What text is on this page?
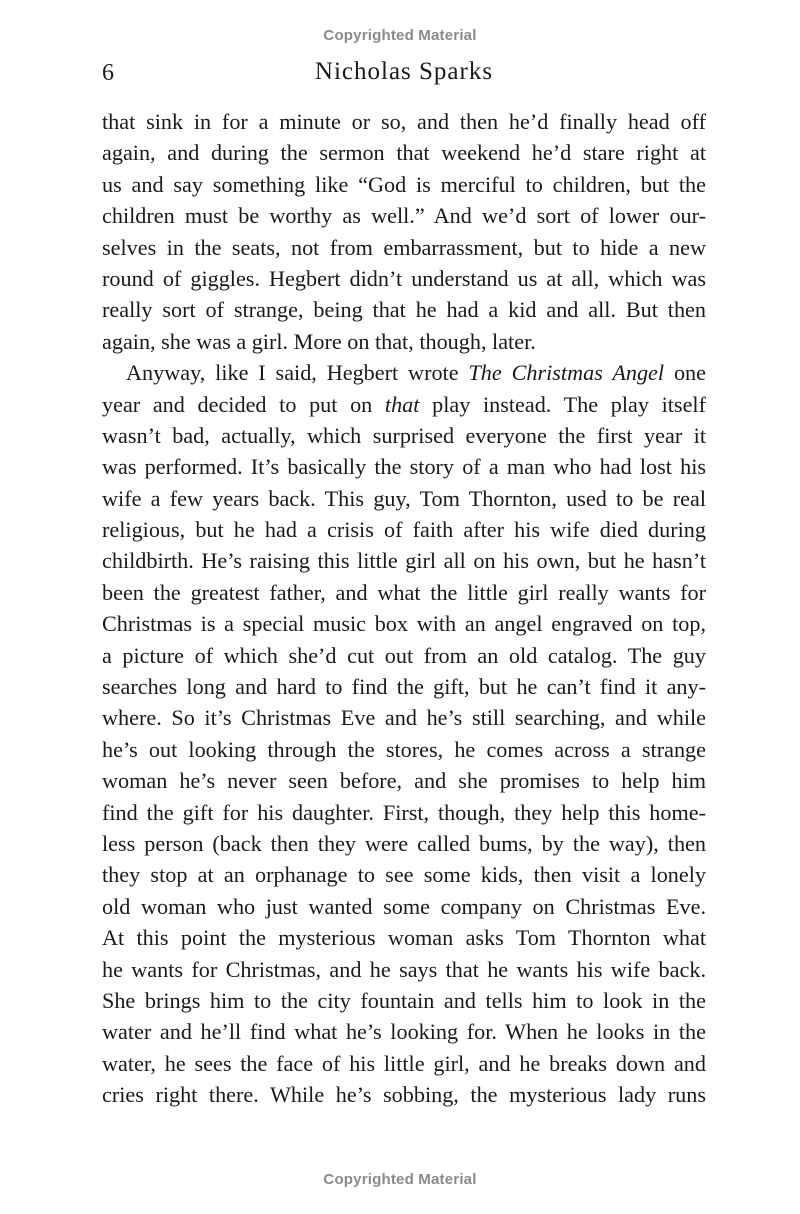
Copyrighted Material
6	Nicholas Sparks
that sink in for a minute or so, and then he’d finally head off
again, and during the sermon that weekend he’d stare right at
us and say something like “God is merciful to children, but the
children must be worthy as well.” And we’d sort of lower our-
selves in the seats, not from embarrassment, but to hide a new
round of giggles. Hegbert didn’t understand us at all, which was
really sort of strange, being that he had a kid and all. But then
again, she was a girl. More on that, though, later.
Anyway, like I said, Hegbert wrote The Christmas Angel one
year and decided to put on that play instead. The play itself
wasn’t bad, actually, which surprised everyone the first year it
was performed. It’s basically the story of a man who had lost his
wife a few years back. This guy, Tom Thornton, used to be real
religious, but he had a crisis of faith after his wife died during
childbirth. He’s raising this little girl all on his own, but he hasn’t
been the greatest father, and what the little girl really wants for
Christmas is a special music box with an angel engraved on top,
a picture of which she’d cut out from an old catalog. The guy
searches long and hard to find the gift, but he can’t find it any-
where. So it’s Christmas Eve and he’s still searching, and while
he’s out looking through the stores, he comes across a strange
woman he’s never seen before, and she promises to help him
find the gift for his daughter. First, though, they help this home-
less person (back then they were called bums, by the way), then
they stop at an orphanage to see some kids, then visit a lonely
old woman who just wanted some company on Christmas Eve.
At this point the mysterious woman asks Tom Thornton what
he wants for Christmas, and he says that he wants his wife back.
She brings him to the city fountain and tells him to look in the
water and he’ll find what he’s looking for. When he looks in the
water, he sees the face of his little girl, and he breaks down and
cries right there. While he’s sobbing, the mysterious lady runs
Copyrighted Material
